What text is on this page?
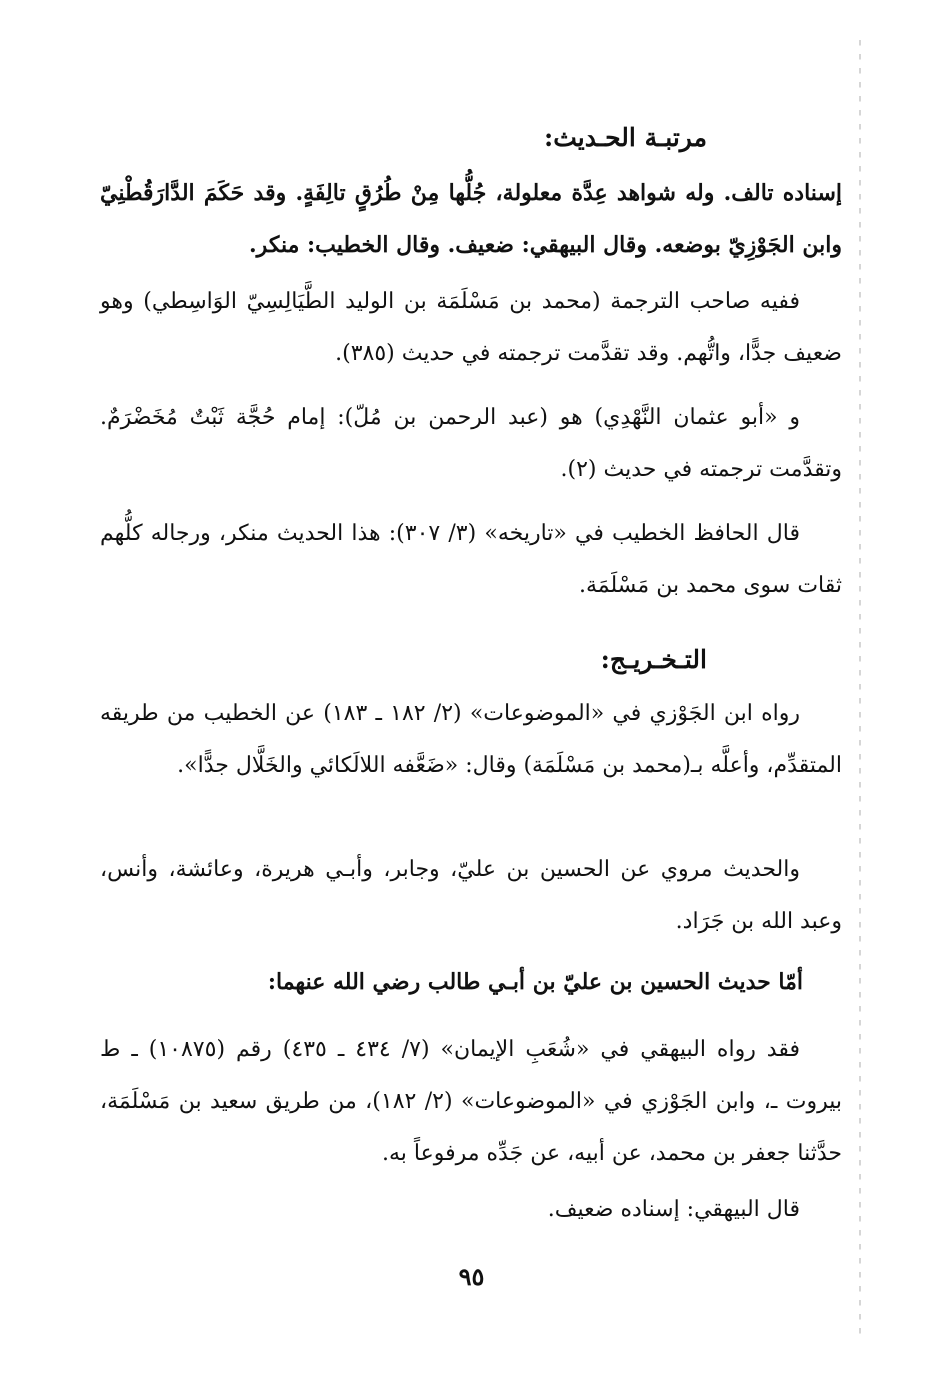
مرتبـة الحـديث:
إسناده تالف. وله شواهد عِدَّة معلولة، جُلُّها مِنْ طُرُقٍ تالِفَةٍ. وقد حَكَمَ الدَّارَقُطْنِيّ وابن الجَوْزِيّ بوضعه. وقال البيهقي: ضعيف. وقال الخطيب: منكر.
ففيه صاحب الترجمة (محمد بن مَسْلَمَة بن الوليد الطَّيَالِسِيّ الوَاسِطي) وهو ضعيف جدًّا، واتُّهم. وقد تقدَّمت ترجمته في حديث (٣٨٥).
و «أبو عثمان النَّهْدِي) هو (عبد الرحمن بن مُلّ): إمام حُجَّة ثَبْتٌ مُخَضْرَمٌ. وتقدَّمت ترجمته في حديث (٢).
قال الحافظ الخطيب في «تاريخه» (٣/ ٣٠٧): هذا الحديث منكر، ورجاله كلُّهم ثقات سوى محمد بن مَسْلَمَة.
التـخـريـج:
رواه ابن الجَوْزي في «الموضوعات» (٢/ ١٨٢ ـ ١٨٣) عن الخطيب من طريقه المتقدِّم، وأعلَّه بـ(محمد بن مَسْلَمَة) وقال: «ضَعَّفه اللالَكائي والخَلَّال جدًّا».
والحديث مروي عن الحسين بن عليّ، وجابر، وأبـي هريرة، وعائشة، وأنس، وعبد الله بن جَرَاد.
أمّا حديث الحسين بن عليّ بن أبـي طالب رضي الله عنهما:
فقد رواه البيهقي في «شُعَبِ الإيمان» (٧/ ٤٣٤ ـ ٤٣٥) رقم (١٠٨٧٥) ـ ط بيروت ـ، وابن الجَوْزي في «الموضوعات» (٢/ ١٨٢)، من طريق سعيد بن مَسْلَمَة، حدَّثنا جعفر بن محمد، عن أبيه، عن جَدِّه مرفوعاً به.
قال البيهقي: إسناده ضعيف.
٩٥
